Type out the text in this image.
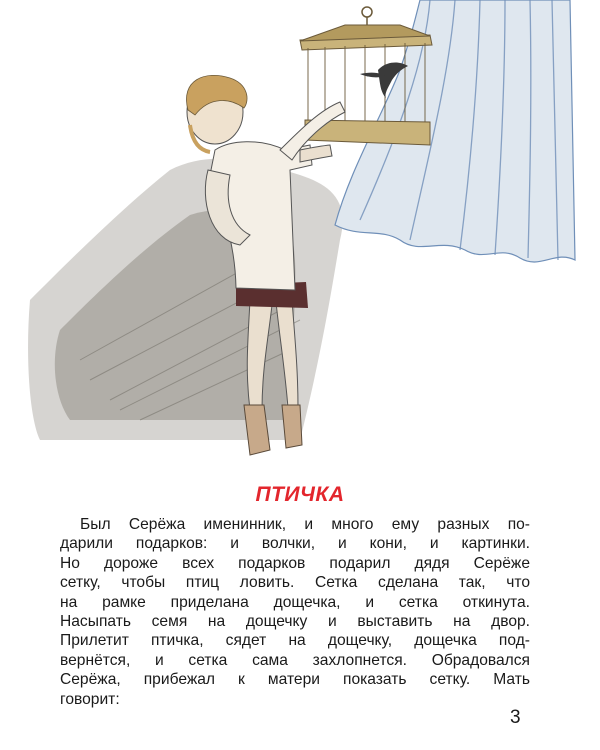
ПТИЧКА
Был Серёжа именинник, и много ему разных по-
дарили подарков: и волчки, и кони, и картинки.
Но дороже всех подарков подарил дядя Серёже
сетку, чтобы птиц ловить. Сетка сделана так, что
на рамке приделана дощечка, и сетка откинута.
Насыпать семя на дощечку и выставить на двор.
Прилетит птичка, сядет на дощечку, дощечка под-
вернётся, и сетка сама захлопнется. Обрадовался
Серёжа, прибежал к матери показать сетку. Мать
говорит:
3
